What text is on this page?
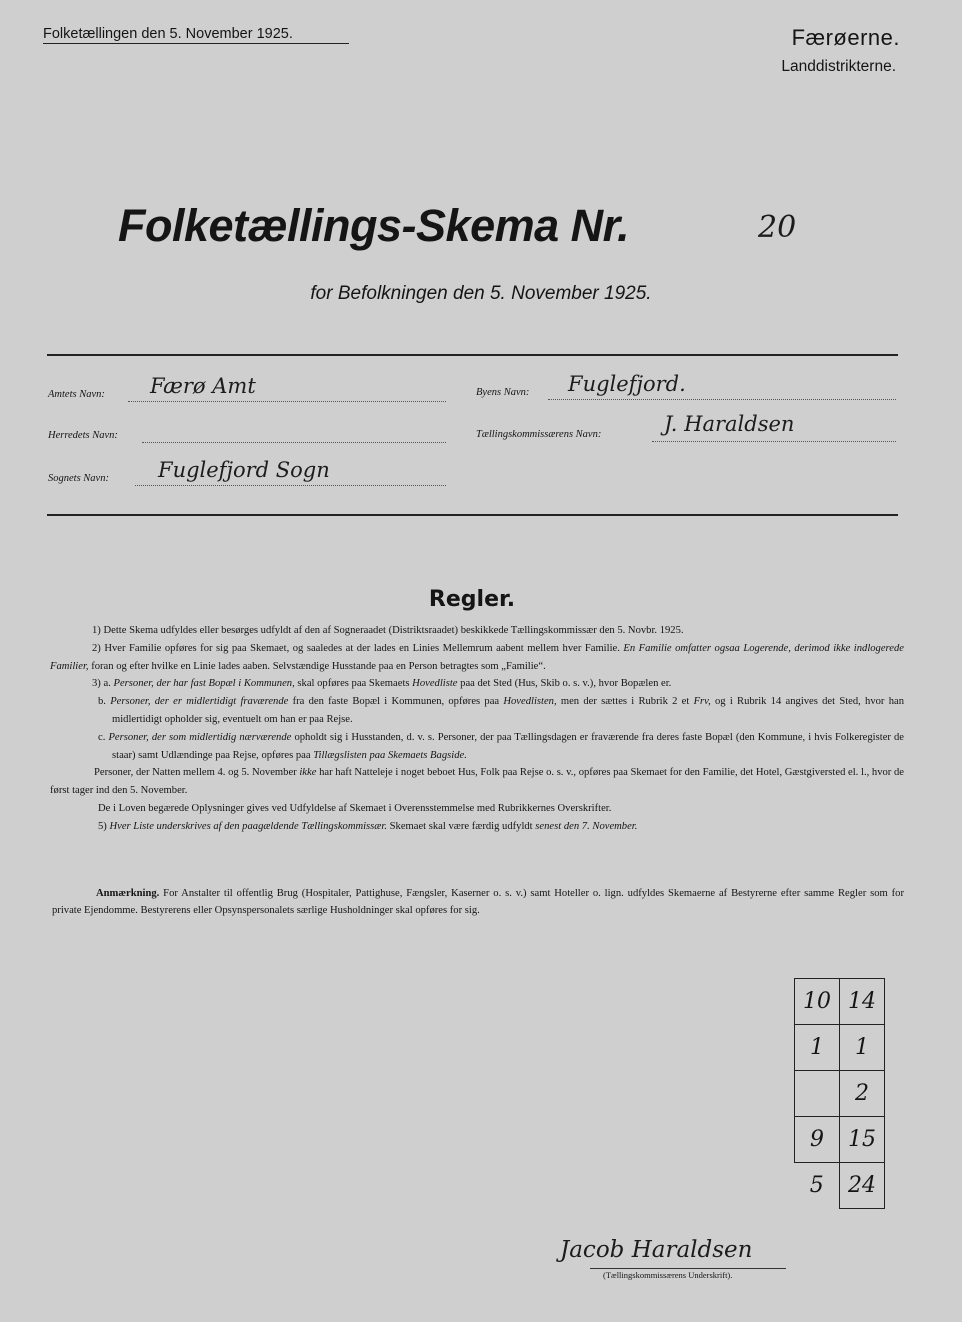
Folketællingen den 5. November 1925.	Færøerne.
Landdistrikterne.
Folketællings-Skema Nr.	20
for Befolkningen den 5. November 1925.
Amtets Navn: Færø Amt
Herredets Navn:
Sognets Navn: Fuglefjord Sogn
Byens Navn: Fuglefjord.
Tællingskommissærens Navn:	J. Haraldsen
Regler.

1) Dette Skema udfyldes eller besørges udfyldt af den af Sogneraadet (Distriktsraadet) beskikkede Tællingskommissær den 5. Novbr. 1925.

2) Hver Familie opføres for sig paa Skemaet, og saaledes at der lades en Linies Mellemrum aabent mellem hver Familie. En Familie omfatter ogsaa Logerende, derimod ikke indlogerede Familier, foran og efter hvilke en Linie lades aaben. Selvstændige Husstande paa en Person betragtes som „Familie“.

3) a. Personer, der har fast Bopæl i Kommunen, skal opføres paa Skemaets Hovedliste paa det Sted (Hus, Skib o. s. v.), hvor Bopælen er.

b. Personer, der er midlertidigt fraværende fra den faste Bopæl i Kommunen, opføres paa Hovedlisten, men der sættes i Rubrik 2 et Frv, og i Rubrik 14 angives det Sted, hvor han midlertidigt opholder sig, eventuelt om han er paa Rejse.

c. Personer, der som midlertidig nærværende opholdt sig i Husstanden, d. v. s. Personer, der paa Tællingsdagen er fraværende fra deres faste Bopæl (den Kommune, i hvis Folkeregister de staar) samt Udlændinge paa Rejse, opføres paa Tillægslisten paa Skemaets Bagside.

Personer, der Natten mellem 4. og 5. November ikke har haft Natteleje i noget beboet Hus, Folk paa Rejse o. s. v., opføres paa Skemaet for den Familie, det Hotel, Gæstgiversted el. l., hvor de først tager ind den 5. November.

De i Loven begærede Oplysninger gives ved Udfyldelse af Skemaet i Overensstemmelse med Rubrikkernes Overskrifter.

5) Hver Liste underskrives af den paagældende Tællingskommissær. Skemaet skal være færdig udfyldt senest den 7. November.

Anmærkning. For Anstalter til offentlig Brug (Hospitaler, Pattighuse, Fængsler, Kaserner o. s. v.) samt Hoteller o. lign. udfyldes Skemaerne af Bestyrerne efter samme Regler som for private Ejendomme. Bestyrerens eller Opsynspersonalets særlige Husholdninger skal opføres for sig.

10	14
1	1
	2
9	15
5	24
Jacob Haraldsen
(Tællingskommissærens Underskrift).
